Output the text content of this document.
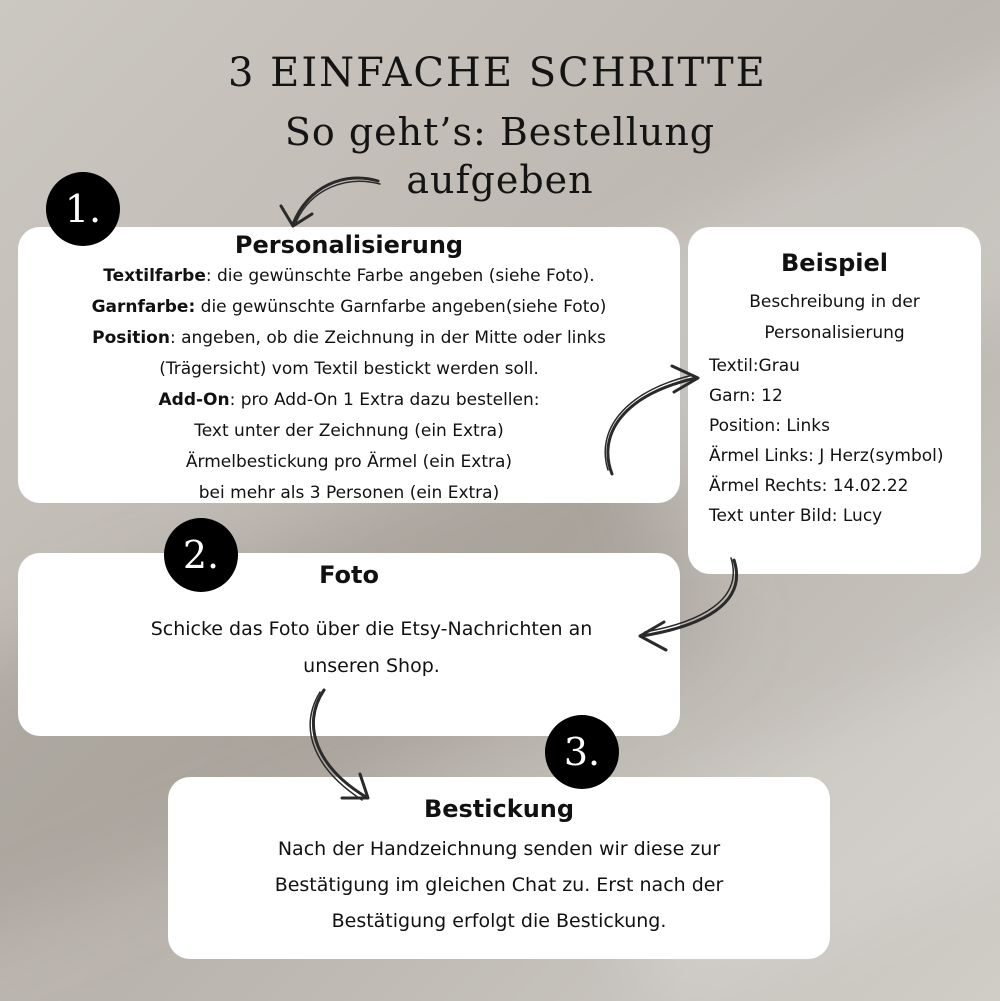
3 EINFACHE SCHRITTE
So geht’s: Bestellung
aufgeben
Personalisierung
Textilfarbe: die gewünschte Farbe angeben (siehe Foto).
Garnfarbe: die gewünschte Garnfarbe angeben(siehe Foto)
Position: angeben, ob die Zeichnung in der Mitte oder links
(Trägersicht) vom Textil bestickt werden soll.
Add-On: pro Add-On 1 Extra dazu bestellen:
Text unter der Zeichnung (ein Extra)
Ärmelbestickung pro Ärmel (ein Extra)
bei mehr als 3 Personen (ein Extra)
Beispiel
Beschreibung in der
Personalisierung
Textil:Grau
Garn: 12
Position: Links
Ärmel Links: J Herz(symbol)
Ärmel Rechts: 14.02.22
Text unter Bild: Lucy
Foto
Schicke das Foto über die Etsy-Nachrichten an
unseren Shop.
Bestickung
Nach der Handzeichnung senden wir diese zur
Bestätigung im gleichen Chat zu. Erst nach der
Bestätigung erfolgt die Bestickung.
1.
2.
3.
